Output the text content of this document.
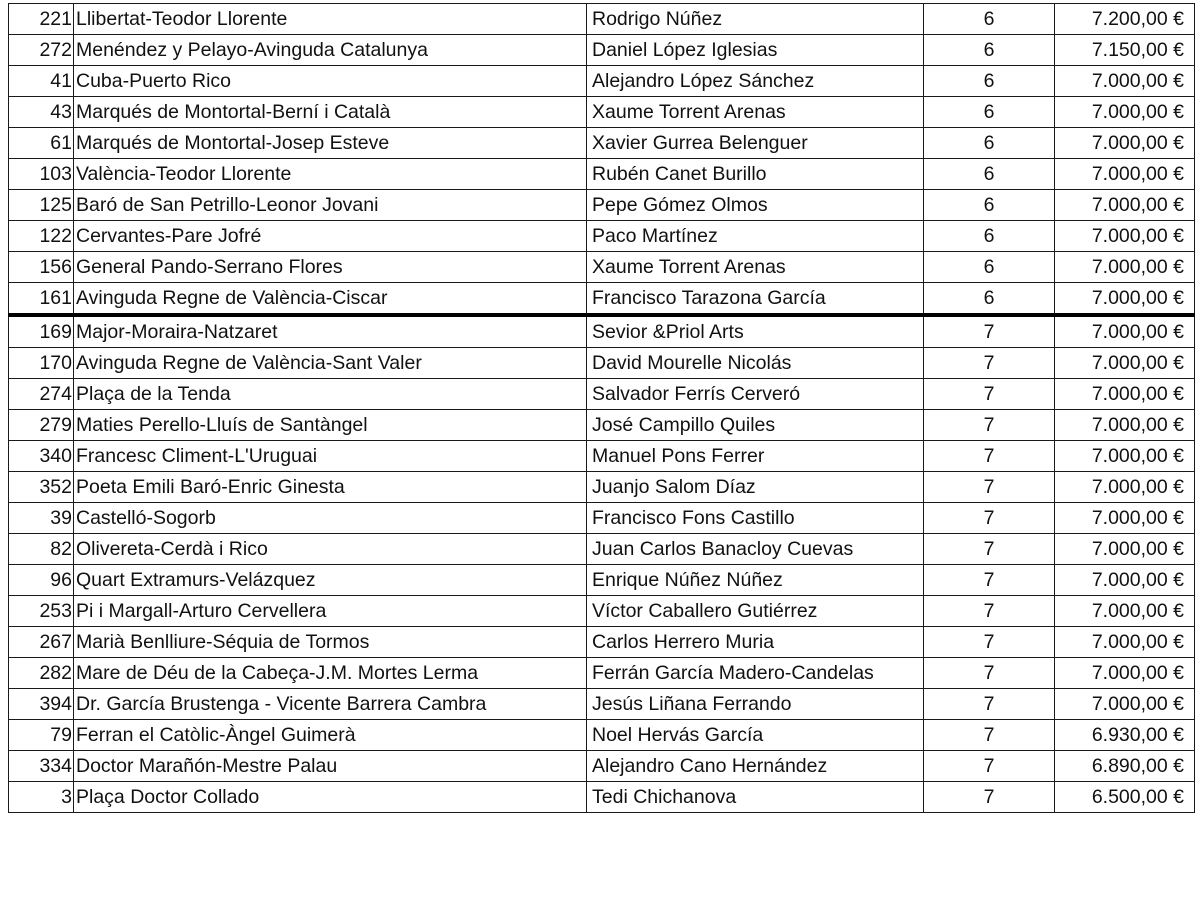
221	Llibertat-Teodor Llorente	Rodrigo Núñez	6	7.200,00 €
272	Menéndez y Pelayo-Avinguda Catalunya	Daniel López Iglesias	6	7.150,00 €
41	Cuba-Puerto Rico	Alejandro López Sánchez	6	7.000,00 €
43	Marqués de Montortal-Berní i Català	Xaume Torrent Arenas	6	7.000,00 €
61	Marqués de Montortal-Josep Esteve	Xavier Gurrea Belenguer	6	7.000,00 €
103	València-Teodor Llorente	Rubén Canet Burillo	6	7.000,00 €
125	Baró de San Petrillo-Leonor Jovani	Pepe Gómez Olmos	6	7.000,00 €
122	Cervantes-Pare Jofré	Paco Martínez	6	7.000,00 €
156	General Pando-Serrano Flores	Xaume Torrent Arenas	6	7.000,00 €
161	Avinguda Regne de València-Ciscar	Francisco Tarazona García	6	7.000,00 €
169	Major-Moraira-Natzaret	Sevior &Priol Arts	7	7.000,00 €
170	Avinguda Regne de València-Sant Valer	David Mourelle Nicolás	7	7.000,00 €
274	Plaça de la Tenda	Salvador Ferrís Cerveró	7	7.000,00 €
279	Maties Perello-Lluís de Santàngel	José Campillo Quiles	7	7.000,00 €
340	Francesc Climent-L'Uruguai	Manuel Pons Ferrer	7	7.000,00 €
352	Poeta Emili Baró-Enric Ginesta	Juanjo Salom Díaz	7	7.000,00 €
39	Castelló-Sogorb	Francisco Fons Castillo	7	7.000,00 €
82	Olivereta-Cerdà i Rico	Juan Carlos Banacloy Cuevas	7	7.000,00 €
96	Quart Extramurs-Velázquez	Enrique Núñez Núñez	7	7.000,00 €
253	Pi i Margall-Arturo Cervellera	Víctor Caballero Gutiérrez	7	7.000,00 €
267	Marià Benlliure-Séquia de Tormos	Carlos Herrero Muria	7	7.000,00 €
282	Mare de Déu de la Cabeça-J.M. Mortes Lerma	Ferrán García Madero-Candelas	7	7.000,00 €
394	Dr. García Brustenga - Vicente Barrera Cambra	Jesús Liñana Ferrando	7	7.000,00 €
79	Ferran el Catòlic-Àngel Guimerà	Noel Hervás García	7	6.930,00 €
334	Doctor Marañón-Mestre Palau	Alejandro Cano Hernández	7	6.890,00 €
3	Plaça Doctor Collado	Tedi Chichanova	7	6.500,00 €
